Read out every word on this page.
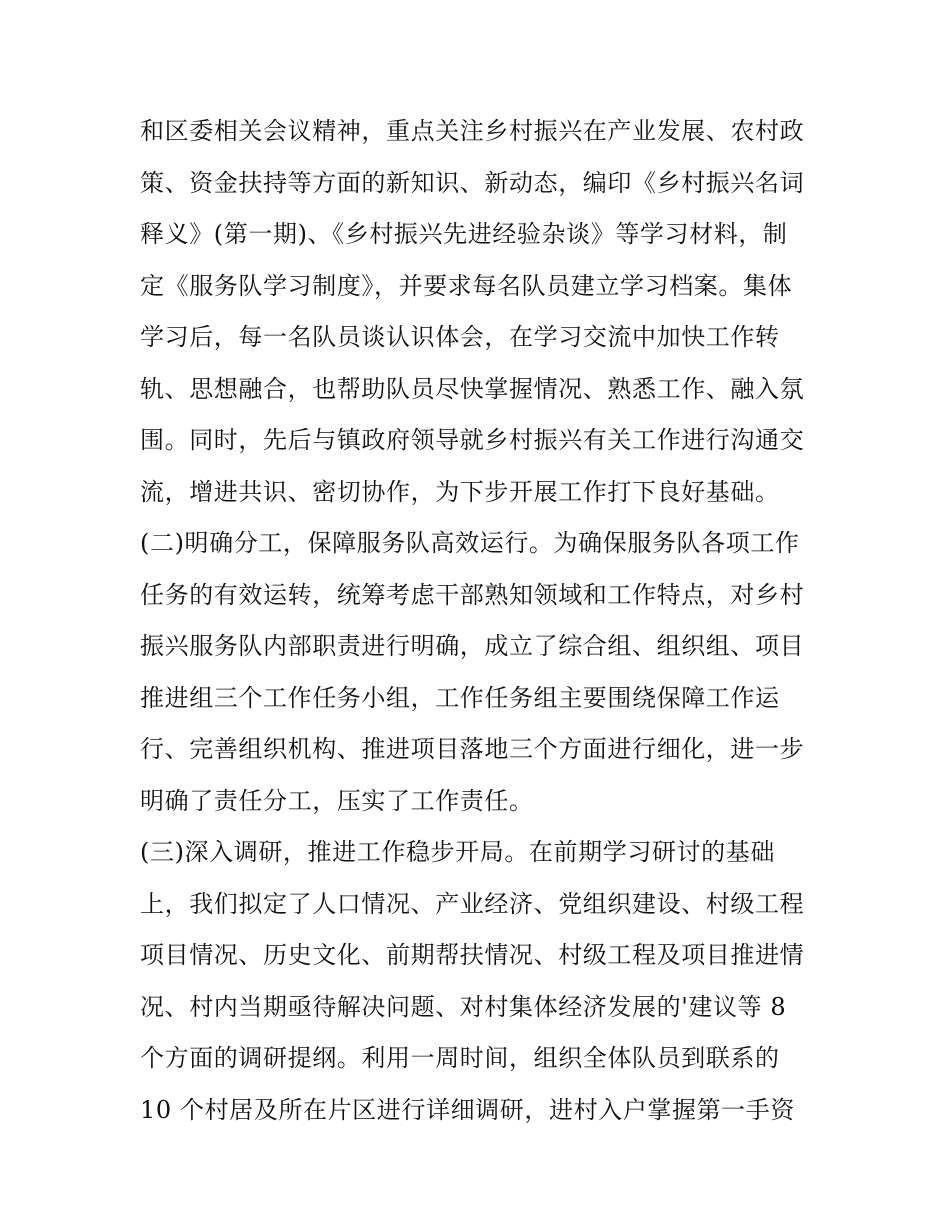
和区委相关会议精神，重点关注乡村振兴在产业发展、农村政
策、资金扶持等方面的新知识、新动态，编印《乡村振兴名词
释义》(第一期)、《乡村振兴先进经验杂谈》等学习材料，制
定《服务队学习制度》，并要求每名队员建立学习档案。集体
学习后，每一名队员谈认识体会，在学习交流中加快工作转
轨、思想融合，也帮助队员尽快掌握情况、熟悉工作、融入氛
围。同时，先后与镇政府领导就乡村振兴有关工作进行沟通交
流，增进共识、密切协作，为下步开展工作打下良好基础。
(二)明确分工，保障服务队高效运行。为确保服务队各项工作
任务的有效运转，统筹考虑干部熟知领域和工作特点，对乡村
振兴服务队内部职责进行明确，成立了综合组、组织组、项目
推进组三个工作任务小组，工作任务组主要围绕保障工作运
行、完善组织机构、推进项目落地三个方面进行细化，进一步
明确了责任分工，压实了工作责任。
(三)深入调研，推进工作稳步开局。在前期学习研讨的基础
上，我们拟定了人口情况、产业经济、党组织建设、村级工程
项目情况、历史文化、前期帮扶情况、村级工程及项目推进情
况、村内当期亟待解决问题、对村集体经济发展的'建议等 8
个方面的调研提纲。利用一周时间，组织全体队员到联系的
10 个村居及所在片区进行详细调研，进村入户掌握第一手资
